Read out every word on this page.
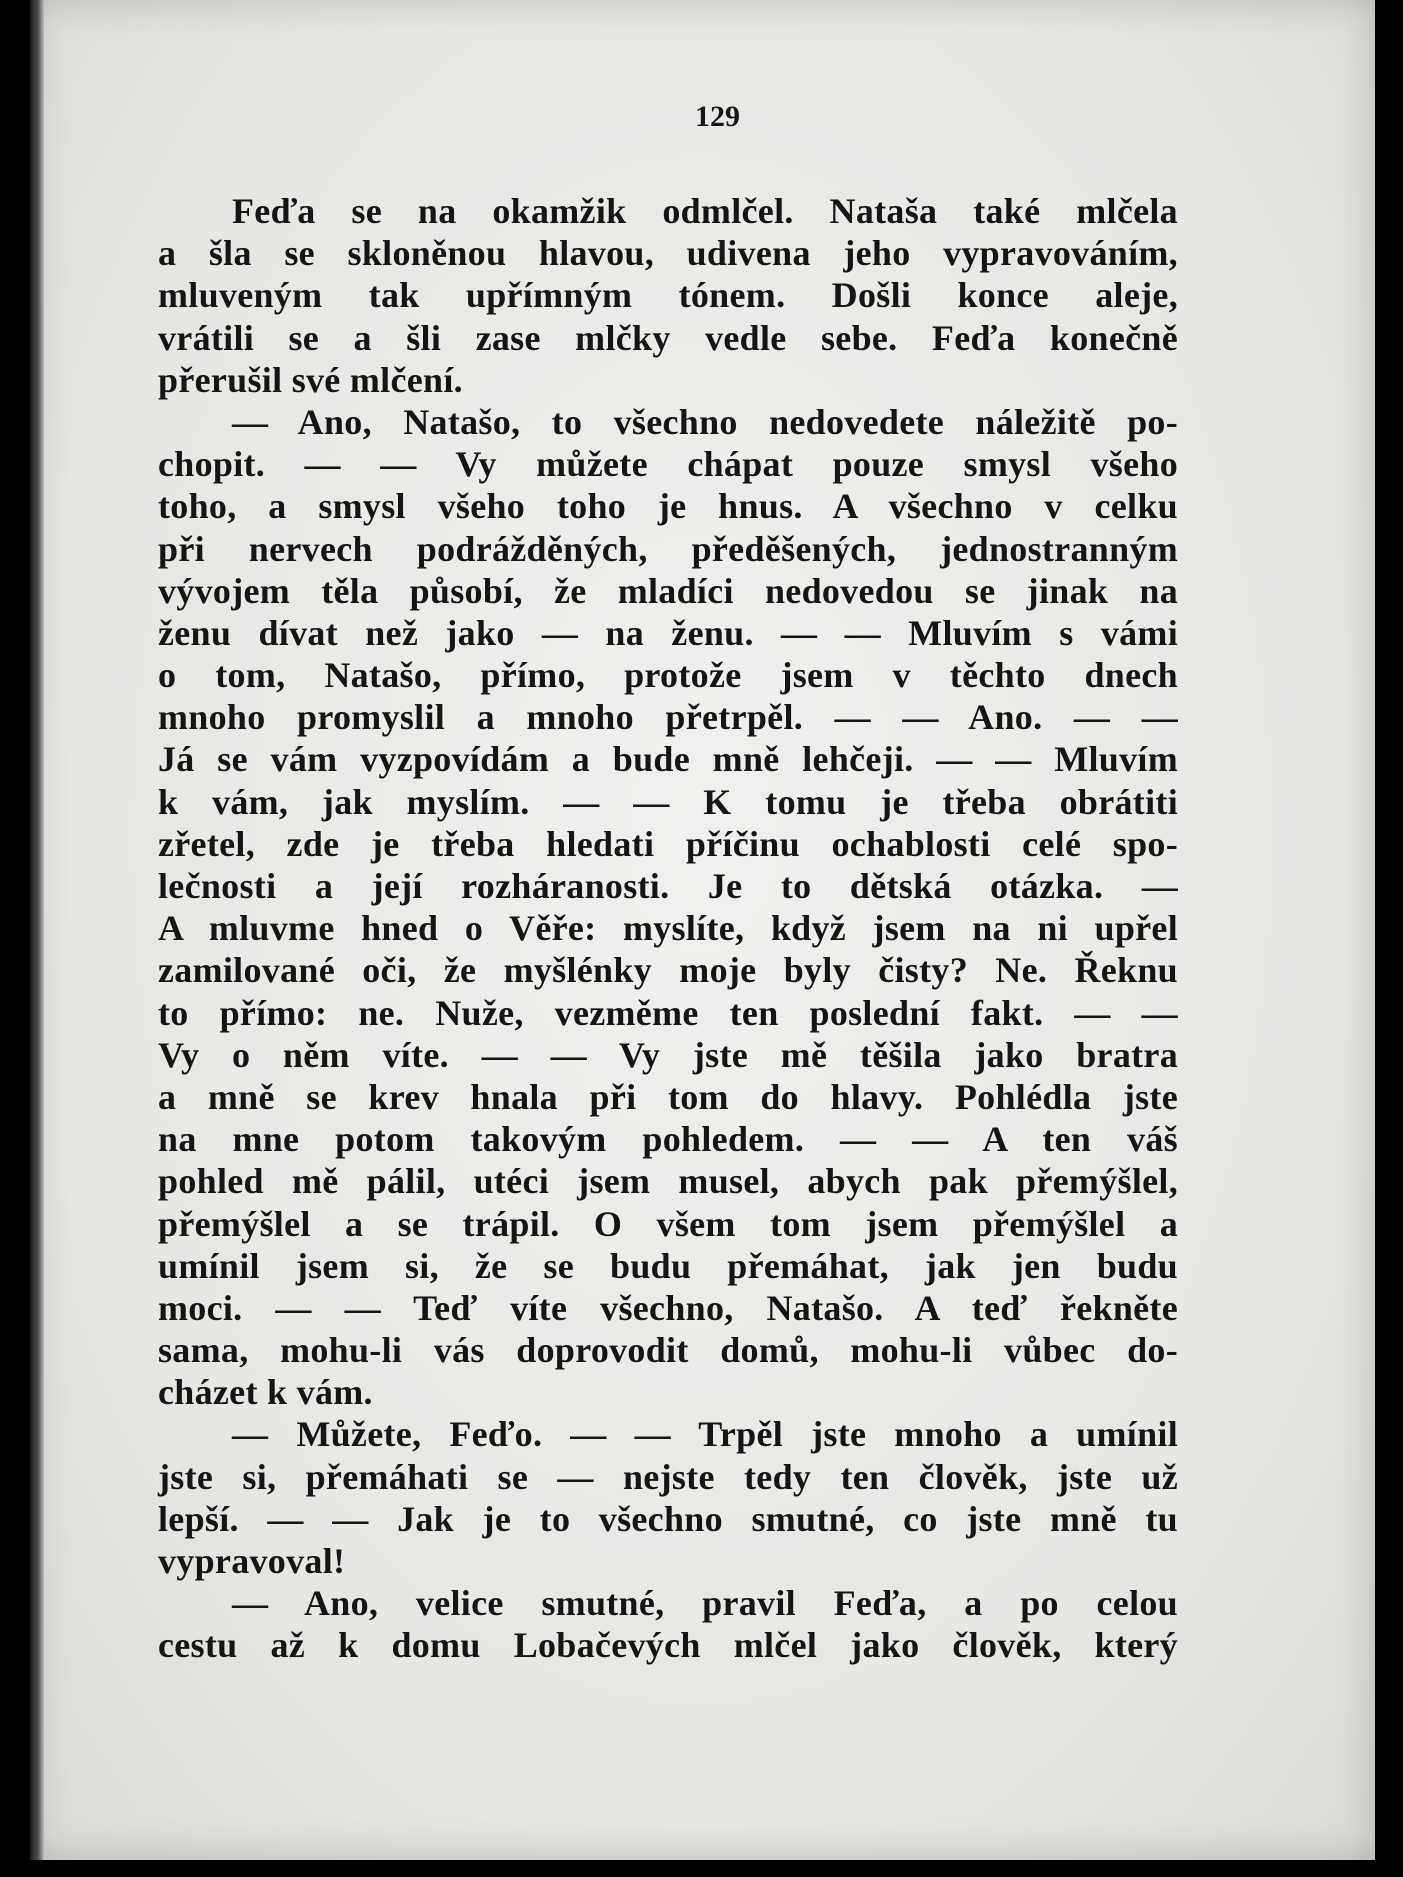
129
Feďa se na okamžik odmlčel. Nataša také mlčela
a šla se skloněnou hlavou, udivena jeho vypravováním,
mluveným tak upřímným tónem. Došli konce aleje,
vrátili se a šli zase mlčky vedle sebe. Feďa konečně
přerušil své mlčení.
— Ano, Natašo, to všechno nedovedete náležitě po-
chopit. — — Vy můžete chápat pouze smysl všeho
toho, a smysl všeho toho je hnus. A všechno v celku
při nervech podrážděných, předěšených, jednostranným
vývojem těla působí, že mladíci nedovedou se jinak na
ženu dívat než jako — na ženu. — — Mluvím s vámi
o tom, Natašo, přímo, protože jsem v těchto dnech
mnoho promyslil a mnoho přetrpěl. — — Ano. — —
Já se vám vyzpovídám a bude mně lehčeji. — — Mluvím
k vám, jak myslím. — — K tomu je třeba obrátiti
zřetel, zde je třeba hledati příčinu ochablosti celé spo-
lečnosti a její rozháranosti. Je to dětská otázka. —
A mluvme hned o Věře: myslíte, když jsem na ni upřel
zamilované oči, že myšlénky moje byly čisty? Ne. Řeknu
to přímo: ne. Nuže, vezměme ten poslední fakt. — —
Vy o něm víte. — — Vy jste mě těšila jako bratra
a mně se krev hnala při tom do hlavy. Pohlédla jste
na mne potom takovým pohledem. — — A ten váš
pohled mě pálil, utéci jsem musel, abych pak přemýšlel,
přemýšlel a se trápil. O všem tom jsem přemýšlel a
umínil jsem si, že se budu přemáhat, jak jen budu
moci. — — Teď víte všechno, Natašo. A teď řekněte
sama, mohu-li vás doprovodit domů, mohu-li vůbec do-
cházet k vám.
— Můžete, Feďo. — — Trpěl jste mnoho a umínil
jste si, přemáhati se — nejste tedy ten člověk, jste už
lepší. — — Jak je to všechno smutné, co jste mně tu
vypravoval!
— Ano, velice smutné, pravil Feďa, a po celou
cestu až k domu Lobačevých mlčel jako člověk, který
